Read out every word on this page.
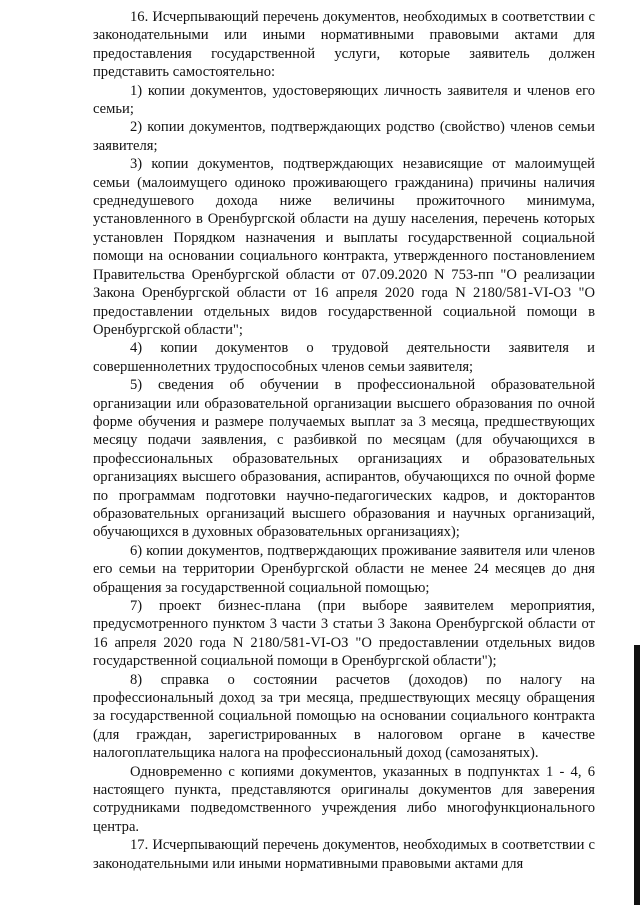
16. Исчерпывающий перечень документов, необходимых в соответствии с законодательными или иными нормативными правовыми актами для предоставления государственной услуги, которые заявитель должен представить самостоятельно:

1) копии документов, удостоверяющих личность заявителя и членов его семьи;

2) копии документов, подтверждающих родство (свойство) членов семьи заявителя;

3) копии документов, подтверждающих независящие от малоимущей семьи (малоимущего одиноко проживающего гражданина) причины наличия среднедушевого дохода ниже величины прожиточного минимума, установленного в Оренбургской области на душу населения, перечень которых установлен Порядком назначения и выплаты государственной социальной помощи на основании социального контракта, утвержденного постановлением Правительства Оренбургской области от 07.09.2020 N 753-пп "О реализации Закона Оренбургской области от 16 апреля 2020 года N 2180/581-VI-ОЗ "О предоставлении отдельных видов государственной социальной помощи в Оренбургской области";

4) копии документов о трудовой деятельности заявителя и совершеннолетних трудоспособных членов семьи заявителя;

5) сведения об обучении в профессиональной образовательной организации или образовательной организации высшего образования по очной форме обучения и размере получаемых выплат за 3 месяца, предшествующих месяцу подачи заявления, с разбивкой по месяцам (для обучающихся в профессиональных образовательных организациях и образовательных организациях высшего образования, аспирантов, обучающихся по очной форме по программам подготовки научно-педагогических кадров, и докторантов образовательных организаций высшего образования и научных организаций, обучающихся в духовных образовательных организациях);

6) копии документов, подтверждающих проживание заявителя или членов его семьи на территории Оренбургской области не менее 24 месяцев до дня обращения за государственной социальной помощью;

7) проект бизнес-плана (при выборе заявителем мероприятия, предусмотренного пунктом 3 части 3 статьи 3 Закона Оренбургской области от 16 апреля 2020 года N 2180/581-VI-ОЗ "О предоставлении отдельных видов государственной социальной помощи в Оренбургской области");

8) справка о состоянии расчетов (доходов) по налогу на профессиональный доход за три месяца, предшествующих месяцу обращения за государственной социальной помощью на основании социального контракта (для граждан, зарегистрированных в налоговом органе в качестве налогоплательщика налога на профессиональный доход (самозанятых).

Одновременно с копиями документов, указанных в подпунктах 1 - 4, 6 настоящего пункта, представляются оригиналы документов для заверения сотрудниками подведомственного учреждения либо многофункционального центра.

17. Исчерпывающий перечень документов, необходимых в соответствии с законодательными или иными нормативными правовыми актами для
